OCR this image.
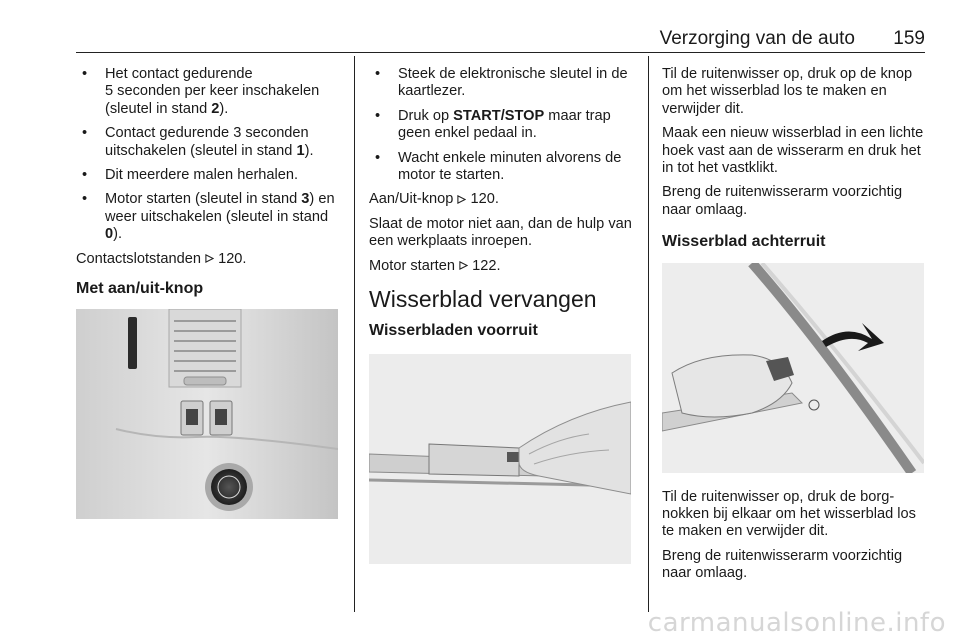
Verzorging van de auto 159
• Het contact gedurende
5 seconden per keer inschakelen (sleutel in stand 2).
• Contact gedurende 3 seconden uitschakelen (sleutel in stand 1).
• Dit meerdere malen herhalen.
• Motor starten (sleutel in stand 3) en weer uitschakelen (sleutel in stand 0).

Contactslotstanden 120.

Met aan/uit-knop
• Steek de elektronische sleutel in de kaartlezer.
• Druk op START/STOP maar trap geen enkel pedaal in.
• Wacht enkele minuten alvorens de motor te starten.

Aan/Uit-knop 120.

Slaat de motor niet aan, dan de hulp van een werkplaats inroepen.

Motor starten 122.

Wisserblad vervangen
Wisserbladen voorruit

Til de ruitenwisser op, druk op de knop om het wisserblad los te maken en verwijder dit.

Maak een nieuw wisserblad in een lichte hoek vast aan de wisserarm en druk het in tot het vastklikt.

Breng de ruitenwisserarm voorzichtig naar omlaag.

Wisserblad achterruit

Til de ruitenwisser op, druk de borg-nokken bij elkaar om het wisserblad los te maken en verwijder dit.

Breng de ruitenwisserarm voorzichtig naar omlaag.

carmanualsonline.info
